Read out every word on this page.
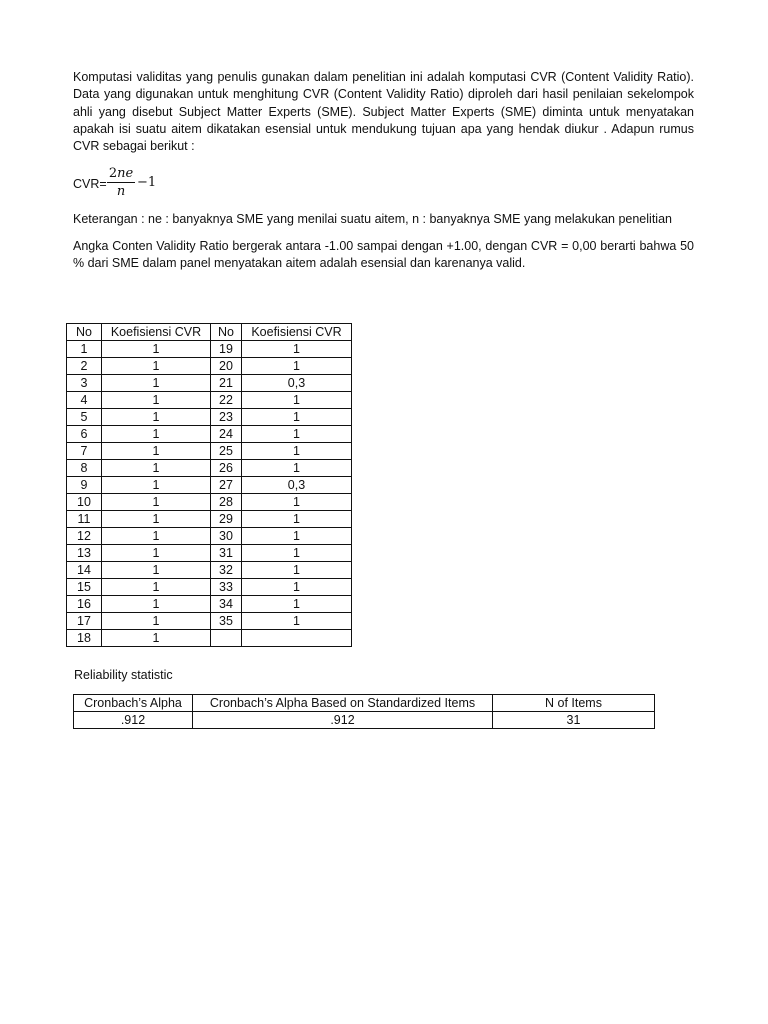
Komputasi validitas yang penulis gunakan dalam penelitian ini adalah komputasi CVR (Content Validity Ratio). Data yang digunakan untuk menghitung CVR (Content Validity Ratio) diproleh dari hasil penilaian sekelompok ahli yang disebut Subject Matter Experts (SME). Subject Matter Experts (SME) diminta untuk menyatakan apakah isi suatu aitem dikatakan esensial untuk mendukung tujuan apa yang hendak diukur . Adapun rumus CVR sebagai berikut :

CVR=
2ne
n
−1

Keterangan : ne : banyaknya SME yang menilai suatu aitem, n : banyaknya SME yang melakukan penelitian

Angka Conten Validity Ratio bergerak antara -1.00 sampai dengan +1.00, dengan CVR = 0,00 berarti bahwa 50 % dari SME dalam panel menyatakan aitem adalah esensial dan karenanya valid.

No	Koefisiensi CVR	No	Koefisiensi CVR
1	1	19	1
2	1	20	1
3	1	21	0,3
4	1	22	1
5	1	23	1
6	1	24	1
7	1	25	1
8	1	26	1
9	1	27	0,3
10	1	28	1
11	1	29	1
12	1	30	1
13	1	31	1
14	1	32	1
15	1	33	1
16	1	34	1
17	1	35	1
18	1		
Reliability statistic
Cronbach’s Alpha	Cronbach’s Alpha Based on Standardized Items	N of Items
.912	.912	31
